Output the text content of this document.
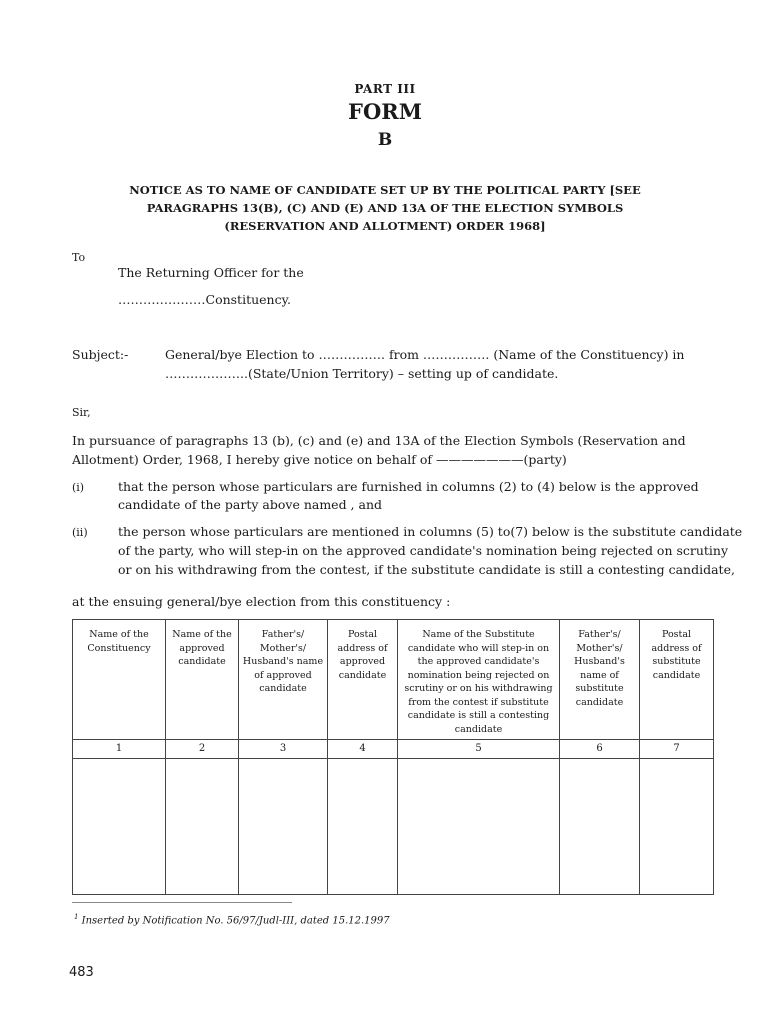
PART III
FORM
B
NOTICE AS TO NAME OF CANDIDATE SET UP BY THE POLITICAL PARTY [SEE
PARAGRAPHS 13(B), (C) AND (E) AND 13A OF THE ELECTION SYMBOLS
(RESERVATION AND ALLOTMENT) ORDER 1968]
To
The Returning Officer for the
…………………Constituency.
Subject:-	General/bye Election to ……………. from ……………. (Name of the Constituency) in
………………..(State/Union Territory) – setting up of candidate.
Sir,
In pursuance of paragraphs 13 (b), (c) and (e) and 13A of the Election Symbols (Reservation and
Allotment) Order, 1968, I hereby give notice on behalf of ———————(party)
(i)	that the person whose particulars are furnished in columns (2) to (4) below is the approved
candidate of the party above named , and
(ii) the person whose particulars are mentioned in columns (5) to(7) below is the substitute candidate
of the party, who will step-in on the approved candidate's nomination being rejected on scrutiny
or on his withdrawing from the contest, if the substitute candidate is still a contesting candidate,
at the ensuing general/bye election from this constituency :
Name of the Constituency	Name of the approved candidate	Father's/ Mother's/ Husband's name of approved candidate	Postal address of approved candidate	Name of the Substitute candidate who will step-in on the approved candidate's nomination being rejected on scrutiny or on his withdrawing from the contest if substitute candidate is still a contesting candidate	Father's/ Mother's/ Husband's name of substitute candidate	Postal address of substitute candidate
1	2	3	4	5	6	7

$^1$ Inserted by Notification No. 56/97/Judl-III, dated 15.12.1997
483
